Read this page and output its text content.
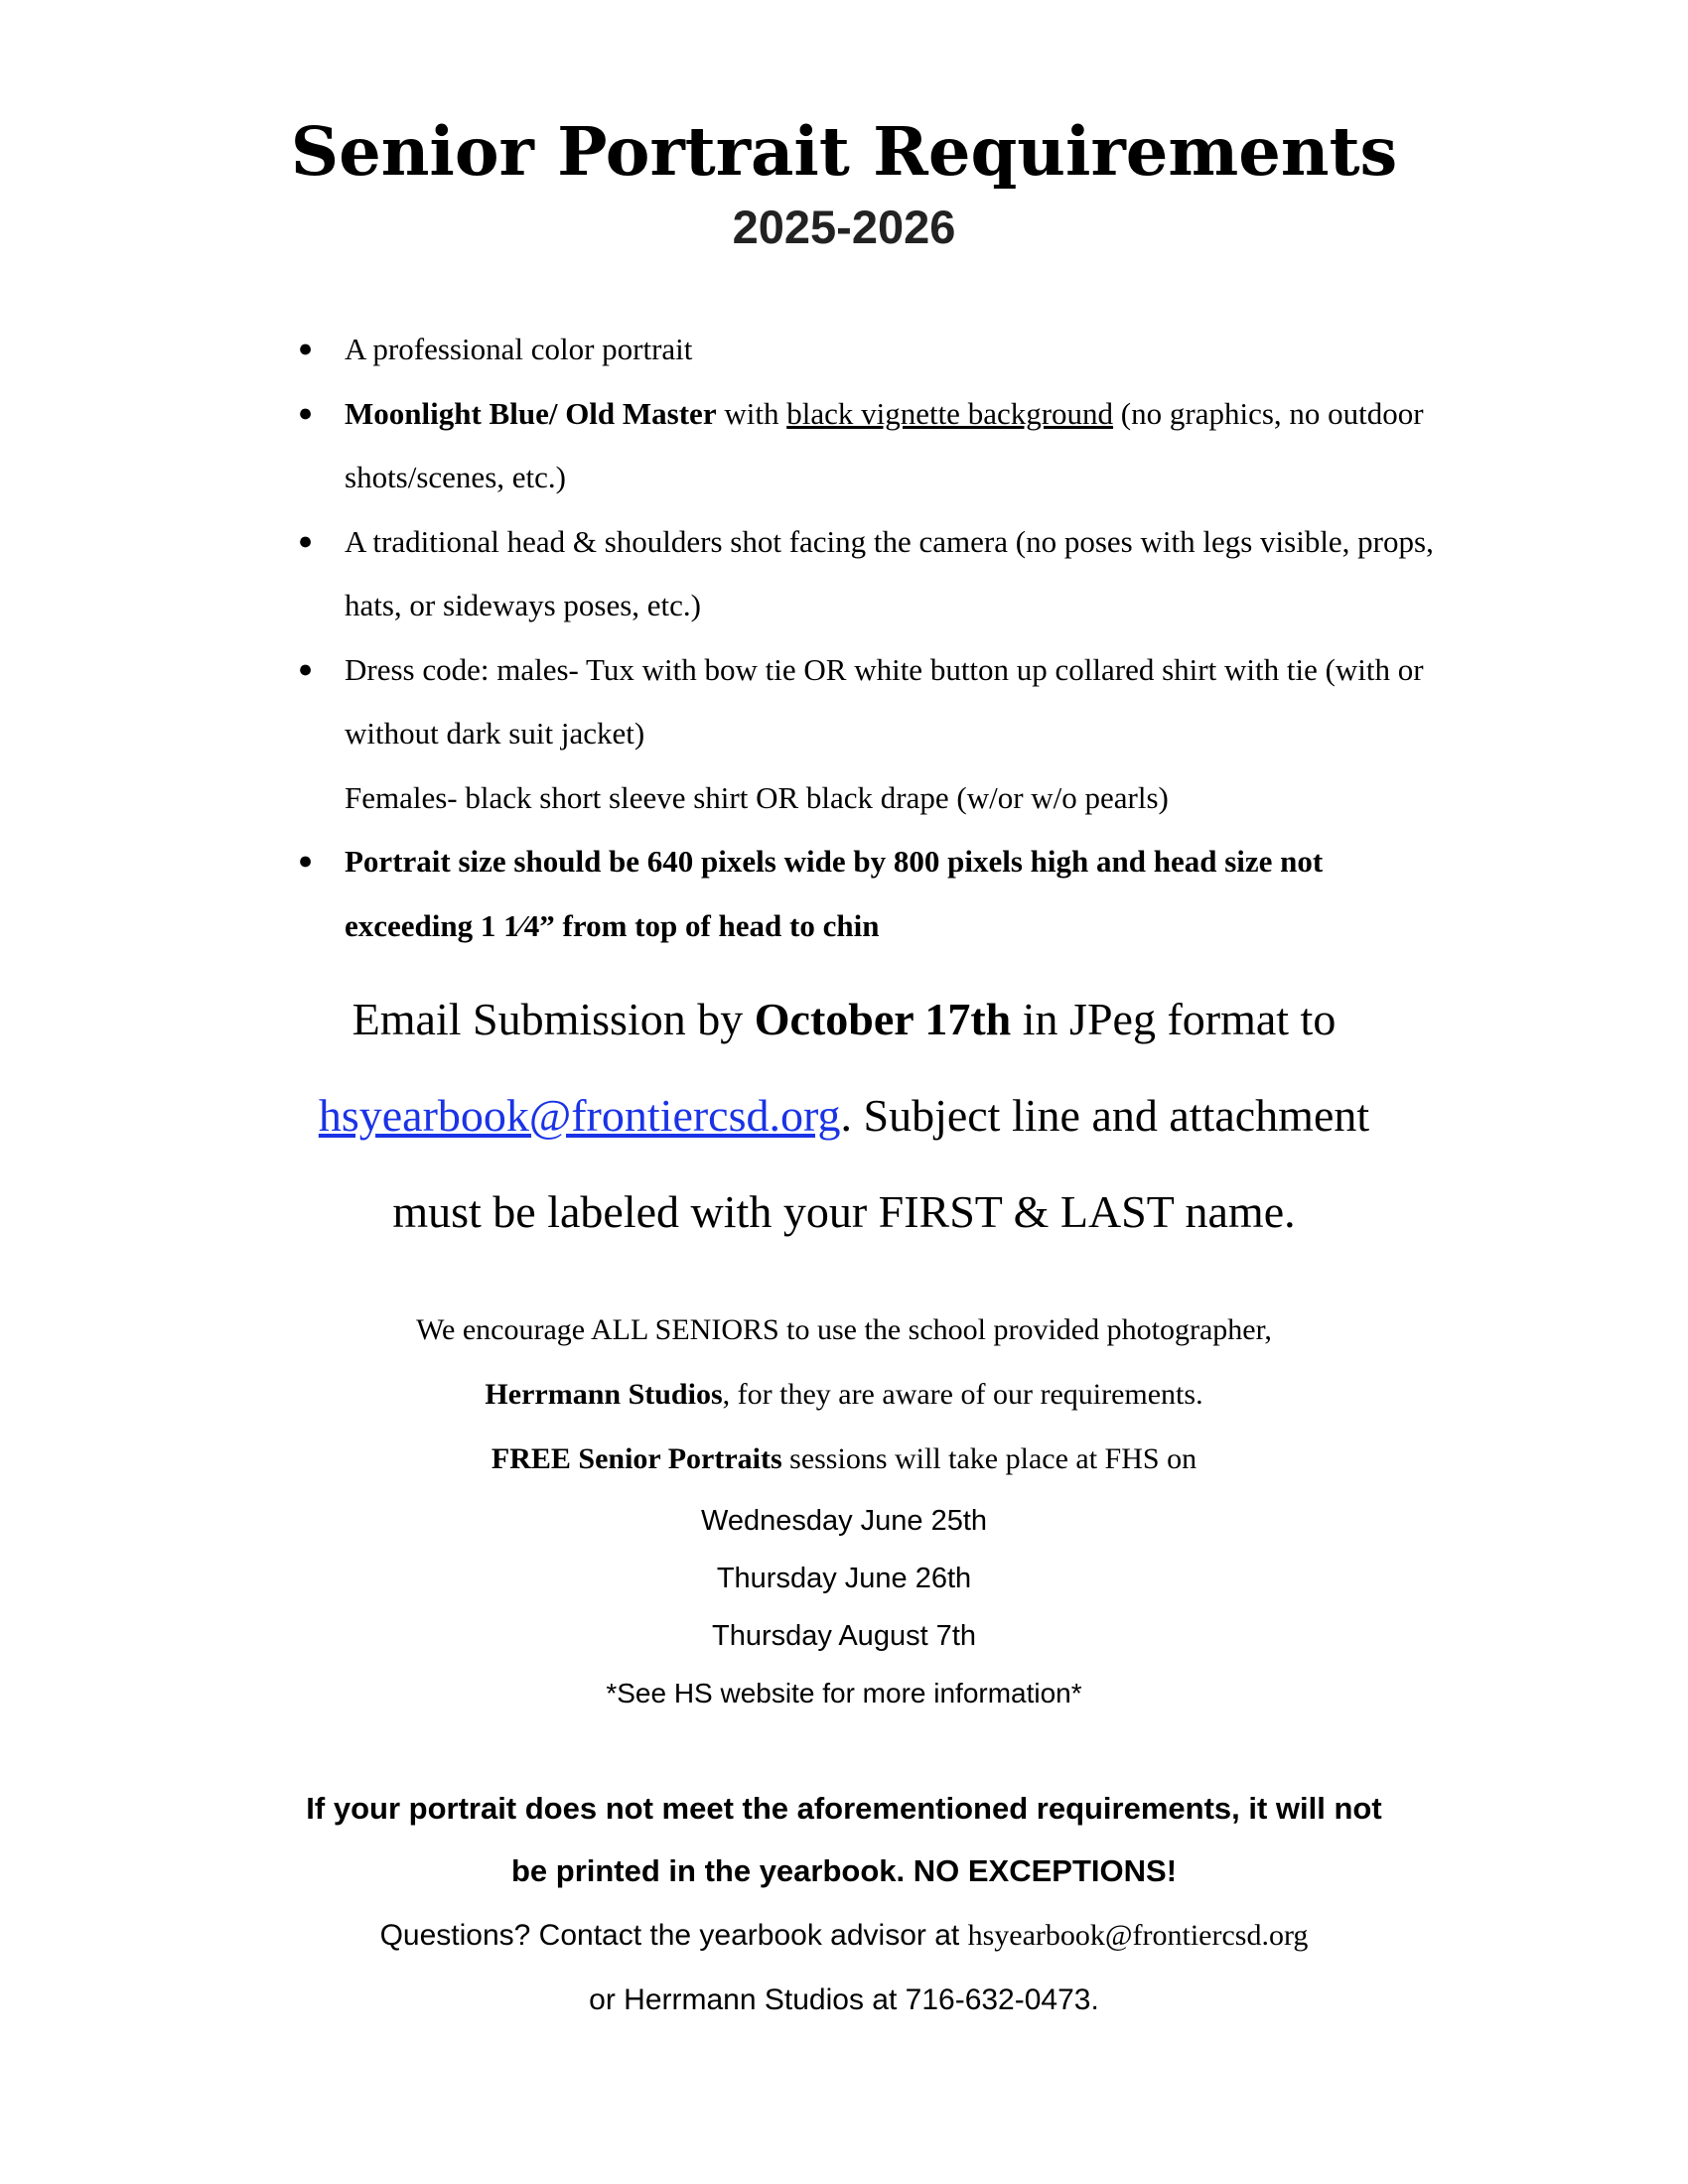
Senior Portrait Requirements
2025-2026
● A professional color portrait
● Moonlight Blue/ Old Master with black vignette background (no graphics, no outdoor shots/scenes, etc.)
● A traditional head & shoulders shot facing the camera (no poses with legs visible, props, hats, or sideways poses, etc.)
● Dress code: males- Tux with bow tie OR white button up collared shirt with tie (with or without dark suit jacket)
Females- black short sleeve shirt OR black drape (w/or w/o pearls)
● Portrait size should be 640 pixels wide by 800 pixels high and head size not exceeding 1 1⁄4” from top of head to chin
Email Submission by October 17th in JPeg format to
hsyearbook@frontiercsd.org. Subject line and attachment
must be labeled with your FIRST & LAST name.
We encourage ALL SENIORS to use the school provided photographer,
Herrmann Studios, for they are aware of our requirements.
FREE Senior Portraits sessions will take place at FHS on
Wednesday June 25th
Thursday June 26th
Thursday August 7th
*See HS website for more information*
If your portrait does not meet the aforementioned requirements, it will not
be printed in the yearbook. NO EXCEPTIONS!
Questions? Contact the yearbook advisor at hsyearbook@frontiercsd.org
or Herrmann Studios at 716-632-0473.
